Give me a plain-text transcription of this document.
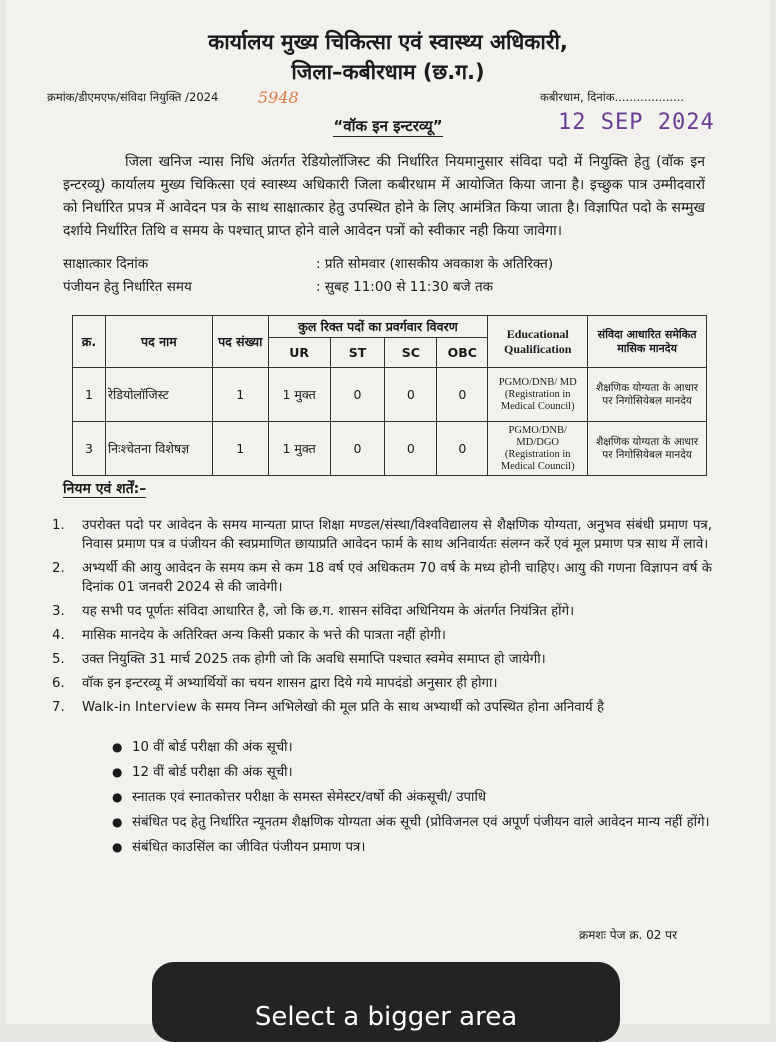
कार्यालय मुख्य चिकित्सा एवं स्वास्थ्य अधिकारी,
जिला–कबीरधाम (छ.ग.)
क्रमांक/डीएमएफ/संविदा नियुक्ति /2024 5948	कबीरधाम, दिनांक...................
12 SEP 2024
“वॉक इन इन्टरव्यू”
जिला खनिज न्यास निधि अंतर्गत रेडियोलॉजिस्ट की निर्धारित नियमानुसार संविदा पदो में नियुक्ति हेतु (वॉक इन इन्टरव्यू) कार्यालय मुख्य चिकित्सा एवं स्वास्थ्य अधिकारी जिला कबीरधाम में आयोजित किया जाना है। इच्छुक पात्र उम्मीदवारों को निर्धारित प्रपत्र में आवेदन पत्र के साथ साक्षात्कार हेतु उपस्थित होने के लिए आमंत्रित किया जाता है। विज्ञापित पदो के सम्मुख दर्शाये निर्धारित तिथि व समय के पश्चात् प्राप्त होने वाले आवेदन पत्रों को स्वीकार नही किया जावेगा।
साक्षात्कार दिनांक	: प्रति सोमवार (शासकीय अवकाश के अतिरिक्त)
पंजीयन हेतु निर्धारित समय	: सुबह 11:00 से 11:30 बजे तक
क्र.	पद नाम	पद संख्या	कुल रिक्त पदों का प्रवर्गवार विवरण				Educational Qualification	संविदा आधारित समेकित मासिक मानदेय
			UR	ST	SC	OBC		
1	रेडियोलॉजिस्ट	1	1 मुक्त	0	0	0	PGMO/DNB/ MD (Registration in Medical Council)	शैक्षणिक योग्यता के आधार पर निगोसियेबल मानदेय
3	निःश्चेतना विशेषज्ञ	1	1 मुक्त	0	0	0	PGMO/DNB/ MD/DGO (Registration in Medical Council)	शैक्षणिक योग्यता के आधार पर निगोसियेबल मानदेय
नियम एवं शर्तें:–
1. उपरोक्त पदो पर आवेदन के समय मान्यता प्राप्त शिक्षा मण्डल/संस्था/विश्वविद्यालय से शैक्षणिक योग्यता, अनुभव संबंधी प्रमाण पत्र, निवास प्रमाण पत्र व पंजीयन की स्वप्रमाणित छायाप्रति आवेदन फार्म के साथ अनिवार्यतः संलग्न करें एवं मूल प्रमाण पत्र साथ में लावे।
2. अभ्यर्थी की आयु आवेदन के समय कम से कम 18 वर्ष एवं अधिकतम 70 वर्ष के मध्य होनी चाहिए। आयु की गणना विज्ञापन वर्ष के दिनांक 01 जनवरी 2024 से की जावेगी।
3. यह सभी पद पूर्णतः संविदा आधारित है, जो कि छ.ग. शासन संविदा अधिनियम के अंतर्गत नियंत्रित होंगे।
4. मासिक मानदेय के अतिरिक्त अन्य किसी प्रकार के भत्ते की पात्रता नहीं होगी।
5. उक्त नियुक्ति 31 मार्च 2025 तक होगी जो कि अवधि समाप्ति पश्चात स्वमेव समाप्त हो जायेगी।
6. वॉक इन इन्टरव्यू में अभ्यार्थियों का चयन शासन द्वारा दिये गये मापदंडो अनुसार ही होगा।
7. Walk-in Interview के समय निम्न अभिलेखो की मूल प्रति के साथ अभ्यार्थी को उपस्थित होना अनिवार्य है
● 10 वीं बोर्ड परीक्षा की अंक सूची।
● 12 वीं बोर्ड परीक्षा की अंक सूची।
● स्नातक एवं स्नातकोत्तर परीक्षा के समस्त सेमेस्टर/वर्षो की अंकसूची/ उपाधि
● संबंधित पद हेतु निर्धारित न्यूनतम शैक्षणिक योग्यता अंक सूची (प्रोविजनल एवं अपूर्ण पंजीयन वाले आवेदन मान्य नहीं होंगे।
● संबंधित काउसिंल का जीवित पंजीयन प्रमाण पत्र।
क्रमशः पेज क्र. 02 पर
Select a bigger area
